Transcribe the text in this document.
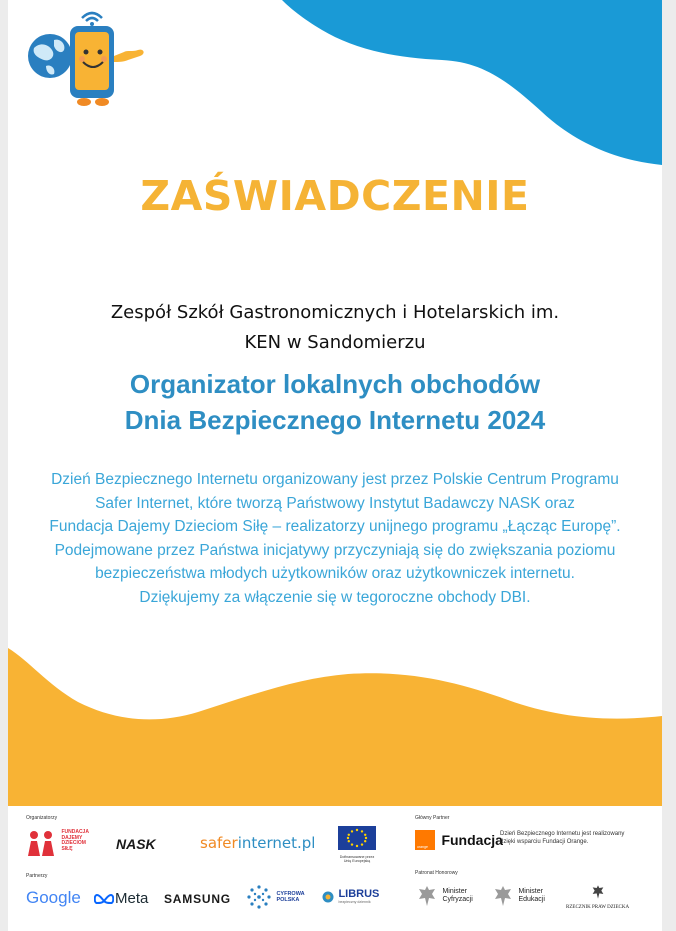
ZAŚWIADCZENIE
Zespół Szkół Gastronomicznych i Hotelarskich im.
KEN w Sandomierzu
Organizator lokalnych obchodów
Dnia Bezpiecznego Internetu 2024
Dzień Bezpiecznego Internetu organizowany jest przez Polskie Centrum Programu
Safer Internet, które tworzą Państwowy Instytut Badawczy NASK oraz
Fundacja Dajemy Dzieciom Siłę – realizatorzy unijnego programu „Łącząc Europę”.
Podejmowane przez Państwa inicjatywy przyczyniają się do zwiększania poziomu
bezpieczeństwa młodych użytkowników oraz użytkowniczek internetu.
Dziękujemy za włączenie się w tegoroczne obchody DBI.
Organizatorzy	Główny Partner
Partnerzy	Patronat Honorowy

FUNDACJA
DAJEMY
DZIECIOM
SIŁĘ	NASK	saferinternet.pl
Dofinansowane przez
Unię Europejską
orange Fundacja
Dzień Bezpiecznego Internetu jest realizowany
dzięki wsparciu Fundacji Orange.
Google	Meta SAMSUNG
	CYFROWA
POLSKA

LIBRUS
bezpieczny dziennik

Minister
Cyfryzacji

Minister
Edukacji
RZECZNIK PRAW DZIECKA
